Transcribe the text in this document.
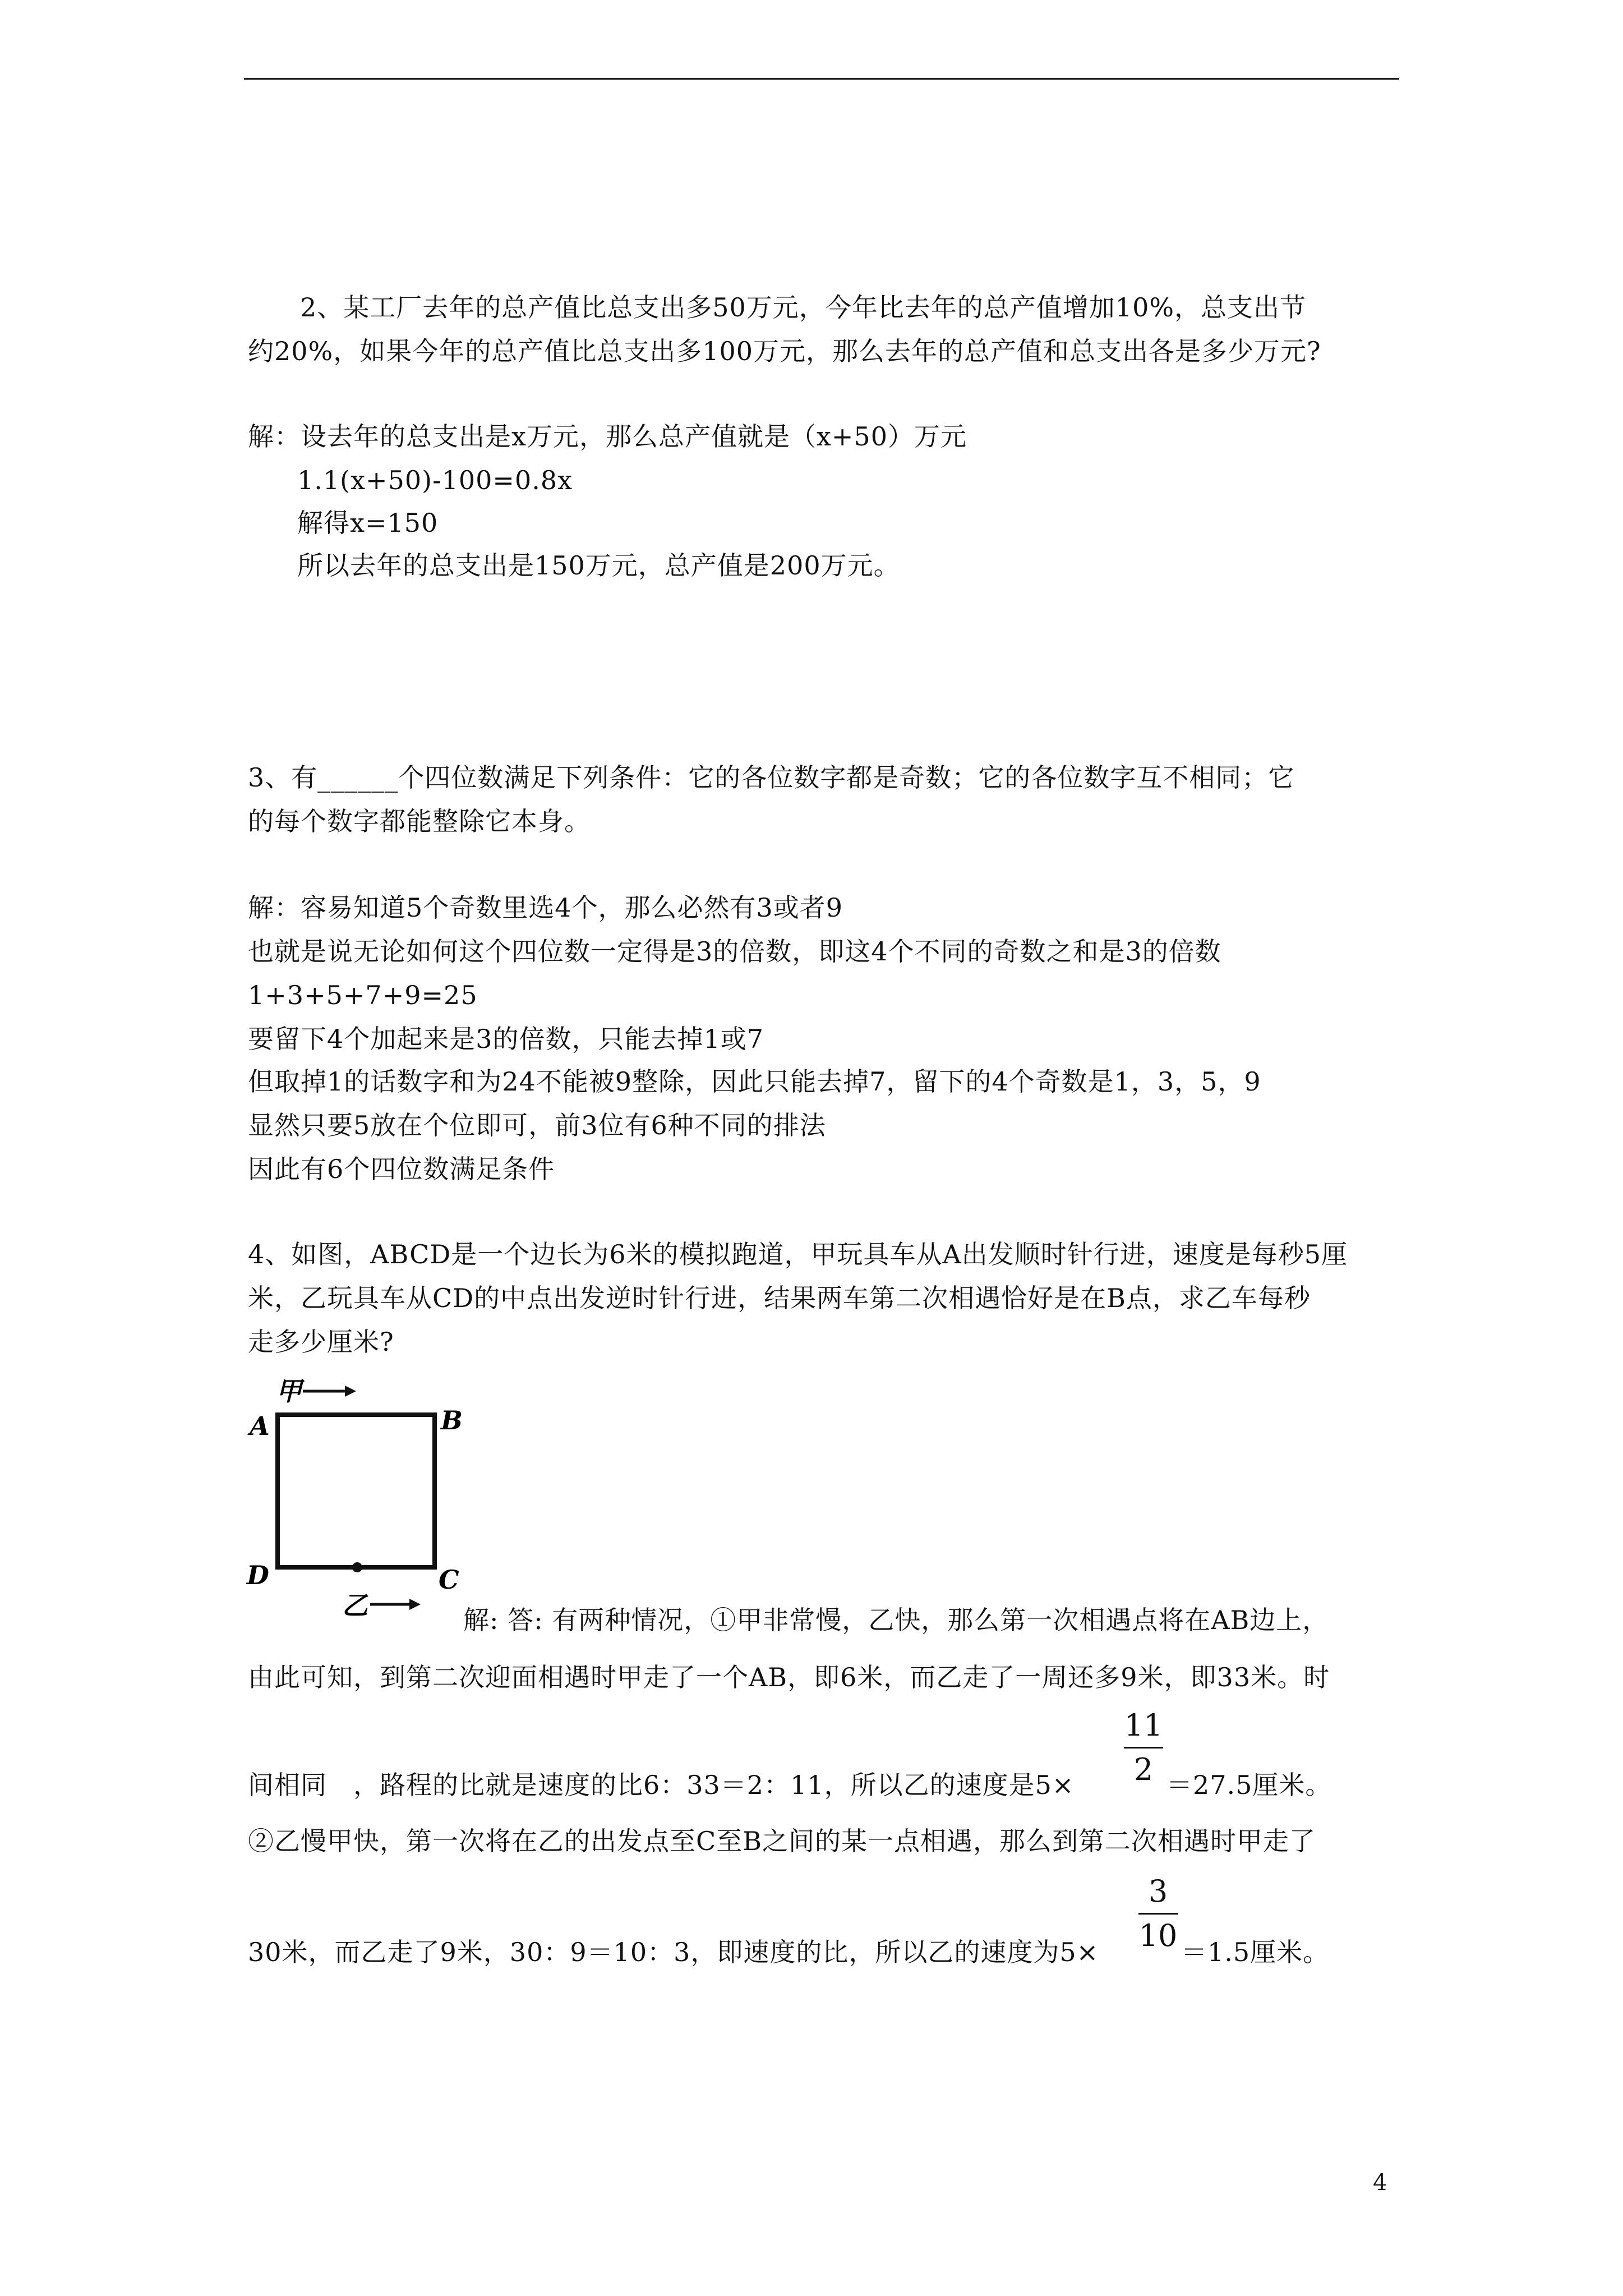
2、某工厂去年的总产值比总支出多50万元，今年比去年的总产值增加10%，总支出节
约20%，如果今年的总产值比总支出多100万元，那么去年的总产值和总支出各是多少万元?
解：设去年的总支出是x万元，那么总产值就是（x+50）万元
1.1(x+50)-100=0.8x
解得x=150
所以去年的总支出是150万元，总产值是200万元。
3、有______个四位数满足下列条件：它的各位数字都是奇数；它的各位数字互不相同；它
的每个数字都能整除它本身。
解：容易知道5个奇数里选4个，那么必然有3或者9
也就是说无论如何这个四位数一定得是3的倍数，即这4个不同的奇数之和是3的倍数
1+3+5+7+9=25
要留下4个加起来是3的倍数，只能去掉1或7
但取掉1的话数字和为24不能被9整除，因此只能去掉7，留下的4个奇数是1，3，5，9
显然只要5放在个位即可，前3位有6种不同的排法
因此有6个四位数满足条件
4、如图，ABCD是一个边长为6米的模拟跑道，甲玩具车从A出发顺时针行进，速度是每秒5厘
米，乙玩具车从CD的中点出发逆时针行进，结果两车第二次相遇恰好是在B点，求乙车每秒
走多少厘米?
甲
A	B
C
D
乙	解: 答: 有两种情况，①甲非常慢，乙快，那么第一次相遇点将在AB边上，
由此可知，到第二次迎面相遇时甲走了一个AB，即6米，而乙走了一周还多9米，即33米。时
间相同　，路程的比就是速度的比6：33＝2：11，所以乙的速度是5×
11
2 ＝27.5厘米。
②乙慢甲快，第一次将在乙的出发点至C至B之间的某一点相遇，那么到第二次相遇时甲走了
30米，而乙走了9米，30：9＝10：3，即速度的比，所以乙的速度为5×
3
10 ＝1.5厘米。
4
